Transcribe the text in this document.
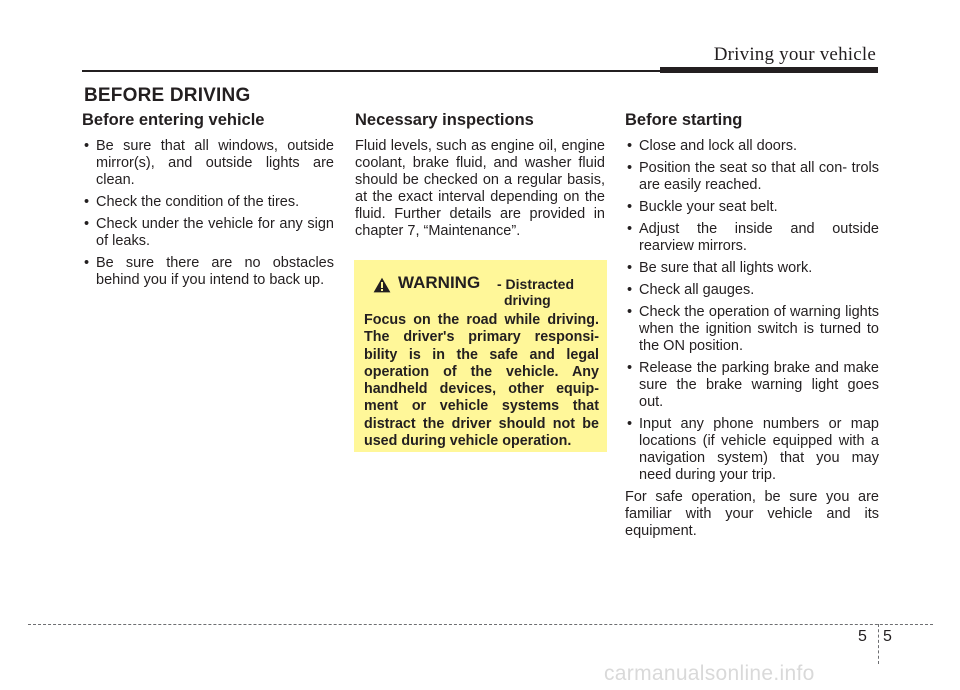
Driving your vehicle
BEFORE DRIVING
Before entering vehicle
• Be sure that all windows, outside mirror(s), and outside lights are clean.
• Check the condition of the tires.
• Check under the vehicle for any sign of leaks.
• Be sure there are no obstacles behind you if you intend to back up.
Necessary inspections

Fluid levels, such as engine oil, engine coolant, brake fluid, and washer fluid should be checked on a regular basis, at the exact interval depending on the fluid. Further details are provided in chapter 7, “Maintenance”.

WARNING - Distracted
driving

Focus on the road while driving. The driver's primary responsi- bility is in the safe and legal operation of the vehicle. Any handheld devices, other equip- ment or vehicle systems that distract the driver should not be used during vehicle operation.

Before starting
• Close and lock all doors.
• Position the seat so that all con- trols are easily reached.
• Buckle your seat belt.
• Adjust the inside and outside rearview mirrors.
• Be sure that all lights work.
• Check all gauges.
• Check the operation of warning lights when the ignition switch is turned to the ON position.
• Release the parking brake and make sure the brake warning light goes out.
• Input any phone numbers or map locations (if vehicle equipped with a navigation system) that you may need during your trip.

For safe operation, be sure you are familiar with your vehicle and its equipment.

5 5
carmanualsonline.info
